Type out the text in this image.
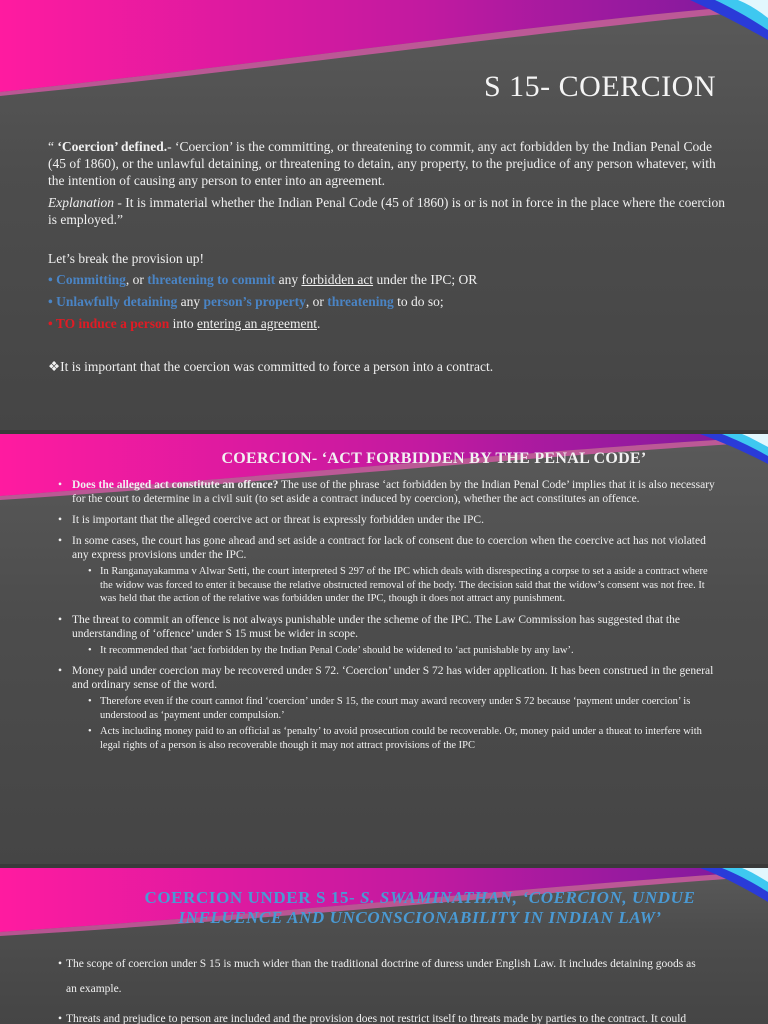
S 15- COERCION

“ ‘Coercion’ defined.- ‘Coercion’ is the committing, or threatening to commit, any act forbidden by the Indian Penal Code (45 of 1860), or the unlawful detaining, or threatening to detain, any property, to the prejudice of any person whatever, with the intention of causing any person to enter into an agreement.

Explanation - It is immaterial whether the Indian Penal Code (45 of 1860) is or is not in force in the place where the coercion is employed.”

Let’s break the provision up!

• Committing, or threatening to commit any forbidden act under the IPC; OR

• Unlawfully detaining any person’s property, or threatening to do so;

• TO induce a person into entering an agreement.

❖It is important that the coercion was committed to force a person into a contract.

COERCION- ‘ACT FORBIDDEN BY THE PENAL CODE’
• Does the alleged act constitute an offence? The use of the phrase ‘act forbidden by the Indian Penal Code’ implies that it is also necessary for the court to determine in a civil suit (to set aside a contract induced by coercion), whether the act constitutes an offence.
• It is important that the alleged coercive act or threat is expressly forbidden under the IPC.
• In some cases, the court has gone ahead and set aside a contract for lack of consent due to coercion when the coercive act has not violated any express provisions under the IPC.
• In Ranganayakamma v Alwar Setti, the court interpreted S 297 of the IPC which deals with disrespecting a corpse to set a aside a contract where the widow was forced to enter it because the relative obstructed removal of the body. The decision said that the widow’s consent was not free. It was held that the action of the relative was forbidden under the IPC, though it does not attract any punishment.
• The threat to commit an offence is not always punishable under the scheme of the IPC. The Law Commission has suggested that the understanding of ‘offence’ under S 15 must be wider in scope.
• It recommended that ‘act forbidden by the Indian Penal Code’ should be widened to ‘act punishable by any law’.
• Money paid under coercion may be recovered under S 72. ‘Coercion’ under S 72 has wider application. It has been construed in the general and ordinary sense of the word.
• Therefore even if the court cannot find ‘coercion’ under S 15, the court may award recovery under S 72 because ‘payment under coercion’ is understood as ‘payment under compulsion.’
• Acts including money paid to an official as ‘penalty’ to avoid prosecution could be recoverable. Or, money paid under a thueat to interfere with legal rights of a person is also recoverable though it may not attract provisions of the IPC
COERCION UNDER S 15- S. SWAMINATHAN, ‘COERCION, UNDUE INFLUENCE AND UNCONSCIONABILITY IN INDIAN LAW’
• The scope of coercion under S 15 is much wider than the traditional doctrine of duress under English Law. It includes detaining goods as an example.
• Threats and prejudice to person are included and the provision does not restrict itself to threats made by parties to the contract. It could
